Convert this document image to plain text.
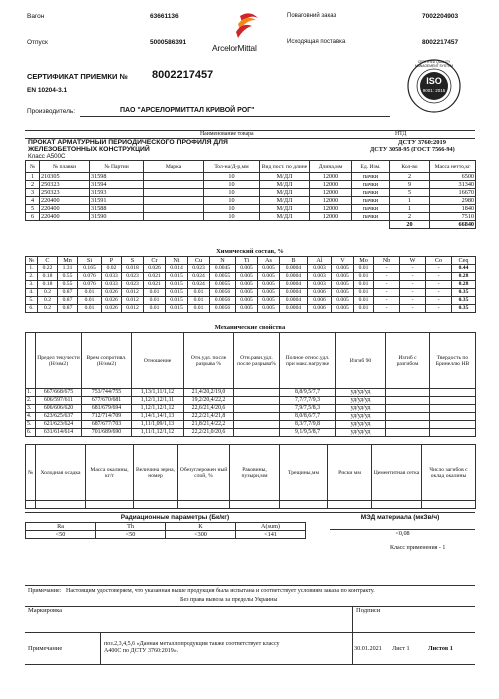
Вагон	63661136
Отпуск	5000586391
ArcelorMittal
Поваговний заказ	7002204903
Исходящая поставка	8002217457
CERTIFIED QUALITY MANAGEMENT SYSTEM
ISO
9001: 2015
СЕРТИФИКАТ ПРИЕМКИ № 8002217457
EN 10204-3.1
Производитель:	ПАО "АРСЕЛОРМИТТАЛ КРИВОЙ РОГ"
Наименование товара	НТД
ПРОКАТ АРМАТУРНЫЙ ПЕРИОДИЧЕСКОГО ПРОФИЛЯ ДЛЯ
ЖЕЛЕЗОБЕТОННЫХ КОНСТРУКЦИЙ
Класс А500С
ДСТУ 3760:2019
ДСТУ 3058-95 (ГОСТ 7566-94)
№	№ плавки	№ Партии	Марка	Тол-на/Д-р,мм	Вид пост. по длине	Длина,мм	Ед. Изм.	Кол-во	Масса нетто,кг
1	210305	31598		10	М/ДЛ	12000	пачки	2	6500
2	250323	31594		10	М/ДЛ	12000	пачки	9	31340
3	250323	31593		10	М/ДЛ	12000	пачки	5	16670
4	220400	31591		10	М/ДЛ	12000	пачки	1	2980
5	220400	31588		10	М/ДЛ	12000	пачки	1	1840
6	220400	31590		10	М/ДЛ	12000	пачки	2	7510
								20	66840
Химический состав, %
№	C	Mn	Si	P	S	Cr	Ni	Cu	N	Ti	As	B	Al	V	Mo	Nb	W	Co	Ceq
1.	0.22	1.31	0.165	0.02	0.018	0.026	0.014	0.023	0.0045	0.005	0.005	0.0004	0.003	0.005	0.01	-	-	-	0.44
2.	0.18	0.55	0.076	0.033	0.023	0.021	0.015	0.024	0.0055	0.005	0.005	0.0004	0.003	0.005	0.01	-	-	-	0.28
3.	0.18	0.55	0.076	0.033	0.023	0.021	0.015	0.024	0.0055	0.005	0.005	0.0004	0.003	0.005	0.01	-	-	-	0.28
4.	0.2	0.87	0.01	0.026	0.012	0.01	0.015	0.01	0.0056	0.005	0.005	0.0004	0.006	0.005	0.01	-	-	-	0.35
5.	0.2	0.87	0.01	0.026	0.012	0.01	0.015	0.01	0.0056	0.005	0.005	0.0004	0.006	0.005	0.01	-	-	-	0.35
6.	0.2	0.87	0.01	0.026	0.012	0.01	0.015	0.01	0.0056	0.005	0.005	0.0004	0.006	0.005	0.01	-	-	-	0.35
Механические свойства
	Предел текучести (Н/мм2)	Врем сопротивл. (Н/мм2)	Отношение	Отн.удл. после разрыва %	Отн.равн.удл. после разрыва%	Полное относ.удл. при макс.нагрузке	Изгиб 90	Изгиб с разгибом	Твердость по Бринеллю НВ
1.	667/668/675	753/744/755	1,13/1,11/1,12	21,4/20,2/19,0		8,8/9,5/7,7	уд/уд/уд		
2.	606/597/611	677/670/681	1,12/1,12/1,11	19,2/20,4/22,2		7,7/7,7/9,3	уд/уд/уд		
3.	606/606/620	681/679/694	1,12/1,12/1,12	22,6/21,4/20,6		7,9/7,5/8,3	уд/уд/уд		
4.	623/625/637	712/714/709	1,14/1,14/1,13	22,2/21,4/21,8		8,0/8,6/7,7	уд/уд/уд		
5.	621/623/624	687/677/703	1,11/1,09/1,13	21,8/21,4/22,2		8,3/7,7/9,8	уд/уд/уд		
6.	631/614/614	701/689/690	1,11/1,12/1,12	22,2/21,0/20,6		9,1/9,5/8,7	уд/уд/уд		
№	Холодная осадка	Масса окалины, кг/т	Величина зерна, номер	Обезуглерожен ный слой, %	Раковины, пузыри,мм	Трещины,мм	Риски мм	Цементитная сетка	Число загибов с оклад окалины

Радиационные параметры (Бк/кг)	МЭД материала (мкЗв/ч)
Ra	Th	K	A(sum)
<50	<50	<300	<141	<0,08
Класс применения - 1
Примечание: Настоящим удостоверяем, что указанная выше продукция была испытана и соответствует условиям заказа по контракту.
Без права вывоза за пределы Украины
Маркировка	Подписи
Примечание
поз.2,3,4,5,6 «Данная металлопродукция также соответствует классу А400С по ДСТУ 3760:2019».	30.01.2021 Лист 1	Листов 1
